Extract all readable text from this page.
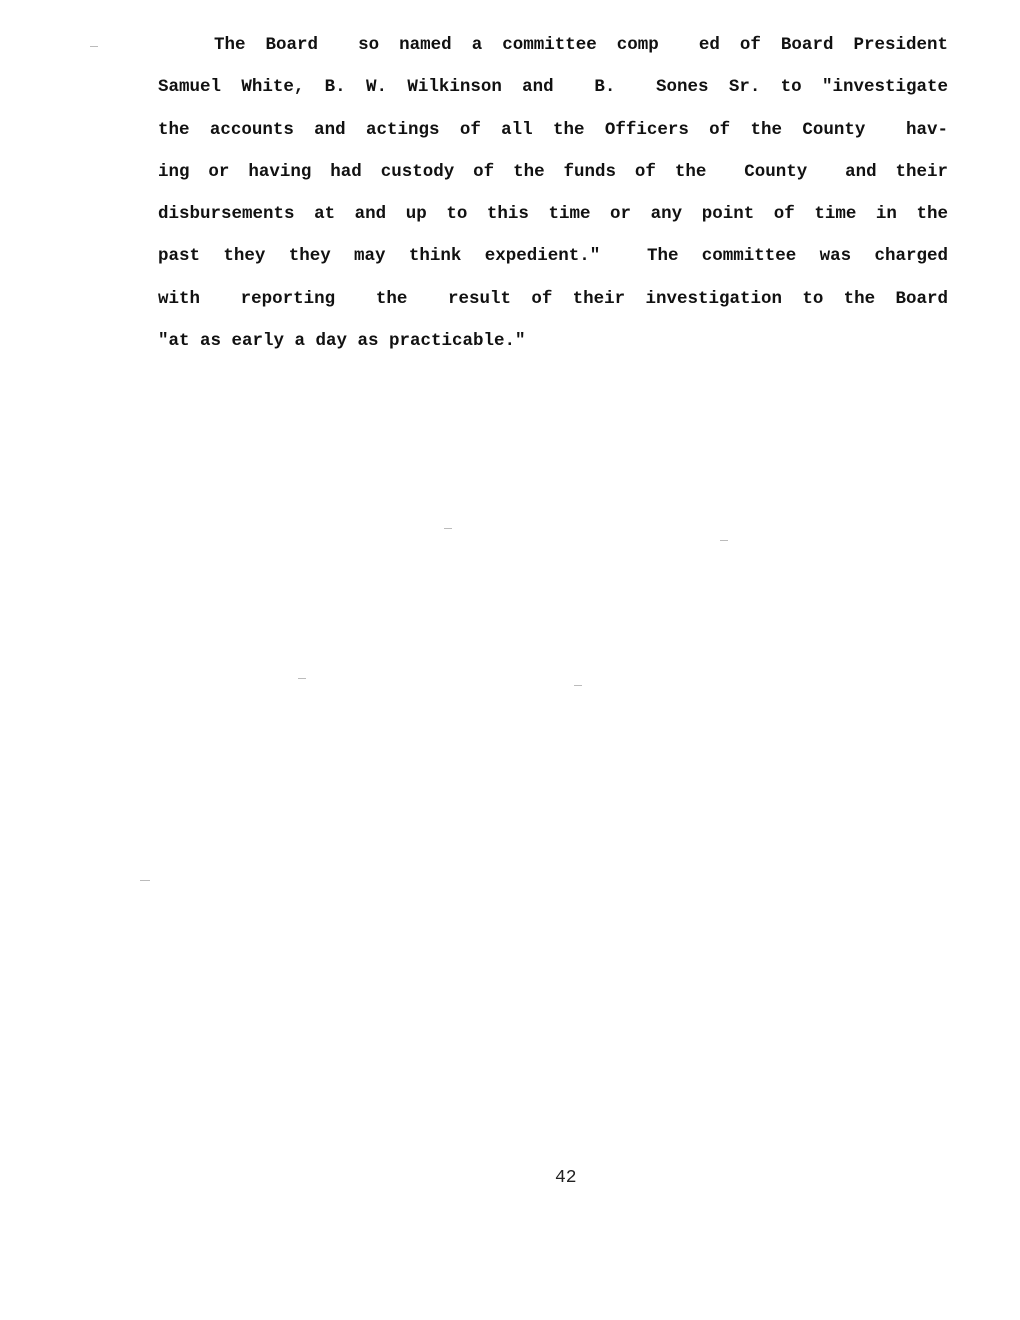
The Board  so named a committee comp  ed of Board President
Samuel White, B. W. Wilkinson and  B.  Sones Sr. to "investigate
the accounts and actings of all the Officers of the County  hav-
ing or having had custody of the funds of the  County  and their
disbursements at and up to this time or any point of time in the
past they they may think expedient."  The committee was charged
with  reporting  the  result of their investigation to the Board
"at as early a day as practicable."
42
